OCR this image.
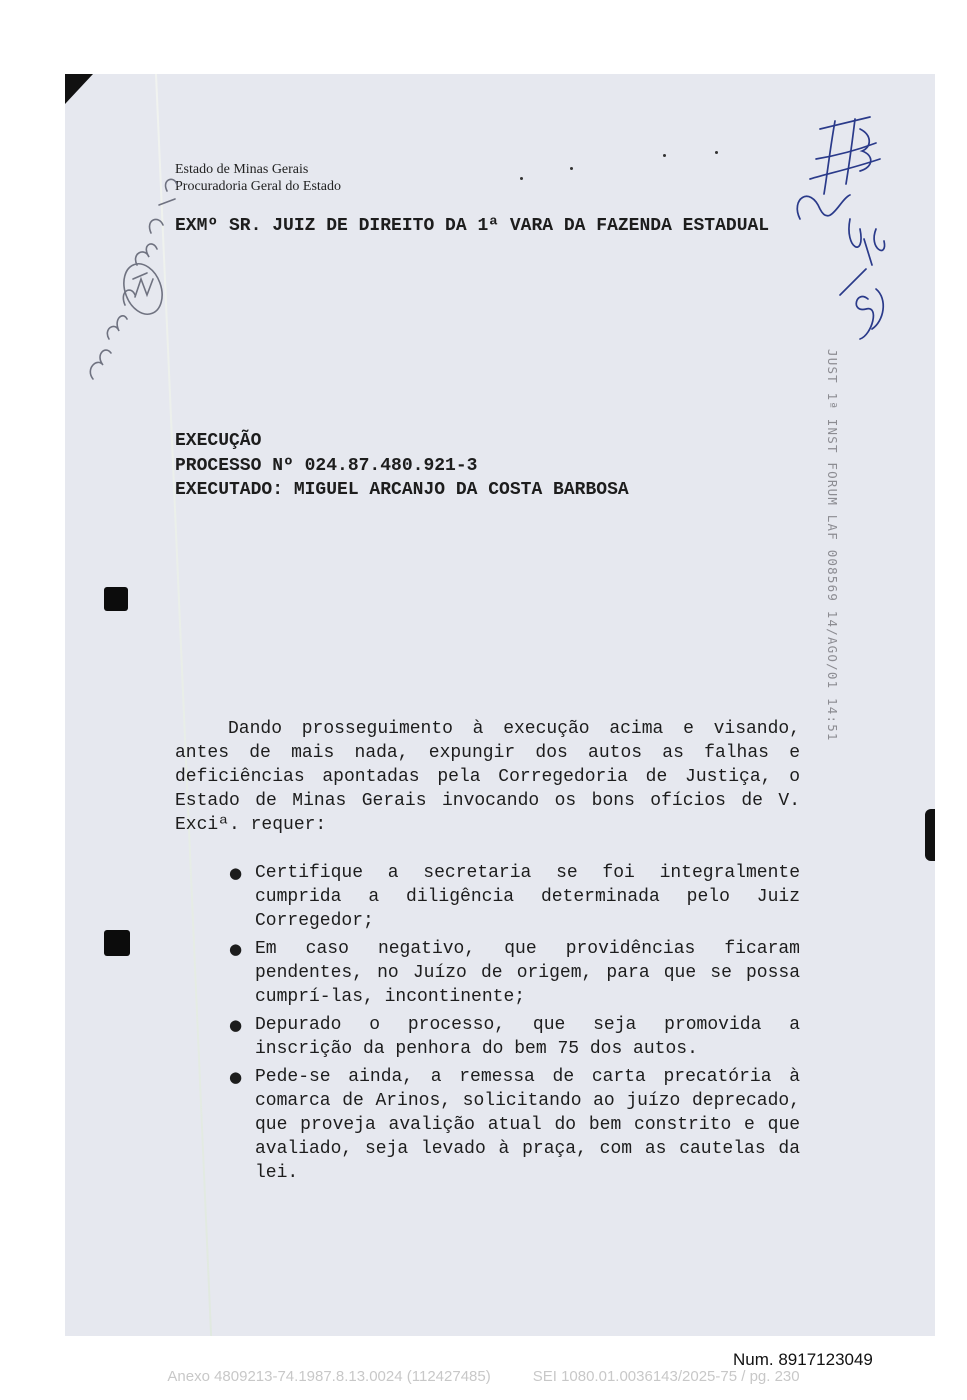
Estado de Minas Gerais
Procuradoria Geral do Estado
EXMº SR. JUIZ DE DIREITO DA 1ª VARA DA FAZENDA ESTADUAL
EXECUÇÃO
PROCESSO Nº 024.87.480.921-3
EXECUTADO: MIGUEL ARCANJO DA COSTA BARBOSA
Dando prosseguimento à execução acima e visando, antes de mais nada, expungir dos autos as falhas e deficiências apontadas pela Corregedoria de Justiça, o Estado de Minas Gerais invocando os bons ofícios de V. Exciª. requer:
● Certifique a secretaria se foi integralmente cumprida a diligência determinada pelo Juiz Corregedor;
● Em caso negativo, que providências ficaram pendentes, no Juízo de origem, para que se possa cumprí-las, incontinente;
● Depurado o processo, que seja promovida a inscrição da penhora do bem 75 dos autos.
● Pede-se ainda, a remessa de carta precatória à comarca de Arinos, solicitando ao juízo deprecado, que proveja avalição atual do bem constrito e que avaliado, seja levado à praça, com as cautelas da lei.
JUST 1ª INST FORUM LAF 008569 14/AGO/01 14:51
Num. 8917123049
Anexo 4809213-74.1987.8.13.0024 (112427485)	SEI 1080.01.0036143/2025-75 / pg. 230
